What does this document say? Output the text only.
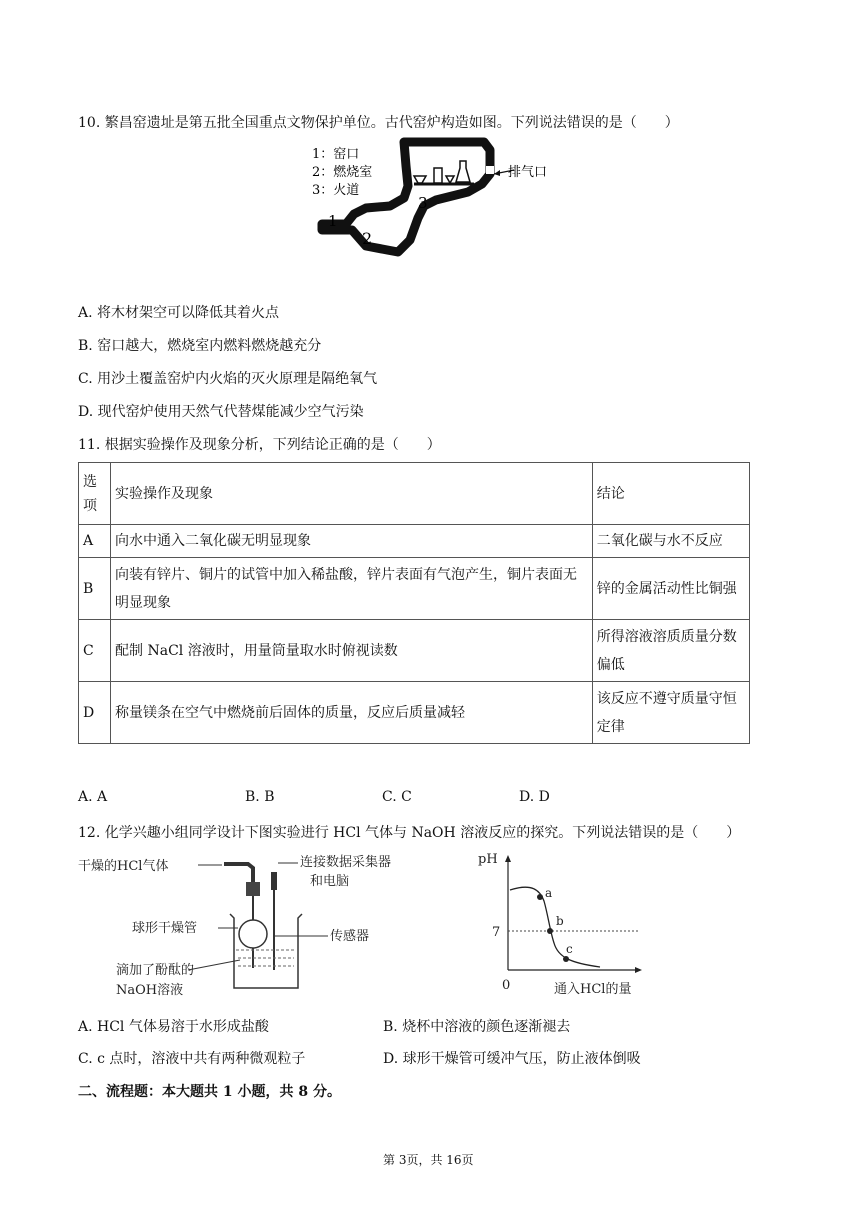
10. 繁昌窑遗址是第五批全国重点文物保护单位。古代窑炉构造如图。下列说法错误的是（　　）
1：窑口
2：燃烧室
3：火道
排气口
1
2
3
A. 将木材架空可以降低其着火点
B. 窑口越大，燃烧室内燃料燃烧越充分
C. 用沙土覆盖窑炉内火焰的灭火原理是隔绝氧气
D. 现代窑炉使用天然气代替煤能减少空气污染
11. 根据实验操作及现象分析，下列结论正确的是（　　）
选项	实验操作及现象	结论
A	向水中通入二氧化碳无明显现象	二氧化碳与水不反应
B	向装有锌片、铜片的试管中加入稀盐酸，锌片表面有气泡产生，铜片表面无明显现象	锌的金属活动性比铜强
C	配制 NaCl 溶液时，用量筒量取水时俯视读数	所得溶液溶质质量分数偏低
D	称量镁条在空气中燃烧前后固体的质量，反应后质量减轻	该反应不遵守质量守恒定律
A. A	B. B	C. C	D. D
12. 化学兴趣小组同学设计下图实验进行 HCl 气体与 NaOH 溶液反应的探究。下列说法错误的是（　　）
干燥的HCl气体	连接数据采集器
和电脑
球形干燥管
传感器
滴加了酚酞的
NaOH溶液
pH
7
0	通入HCl的量
a
b
c
A. HCl 气体易溶于水形成盐酸	B. 烧杯中溶液的颜色逐渐褪去
C. c 点时，溶液中共有两种微观粒子	D. 球形干燥管可缓冲气压，防止液体倒吸
二、流程题：本大题共 1 小题，共 8 分。
第 3页，共 16页
